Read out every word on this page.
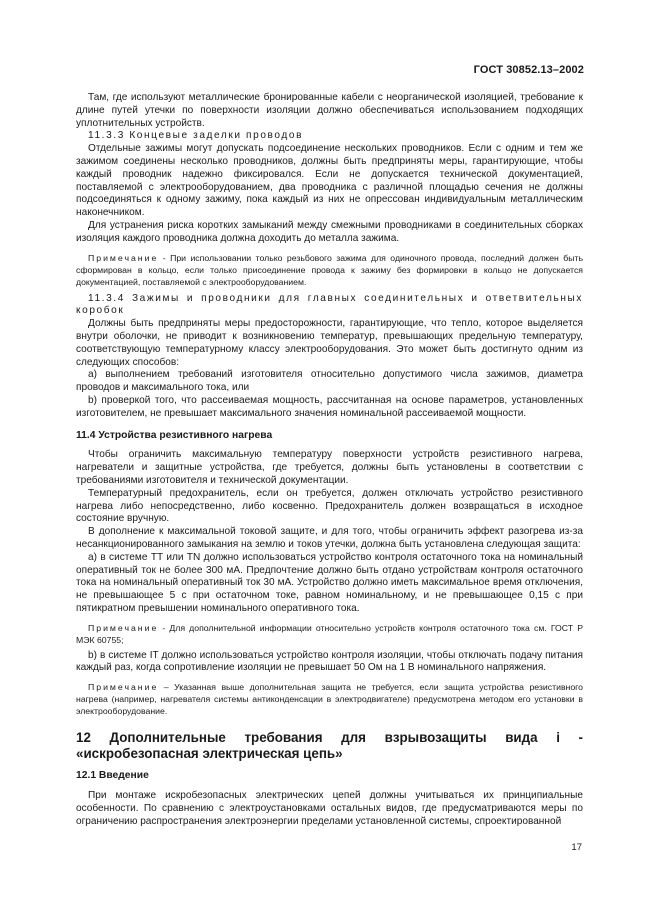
ГОСТ 30852.13–2002

Там, где используют металлические бронированные кабели с неорганической изоляцией, требование к длине путей утечки по поверхности изоляции должно обеспечиваться использованием подходящих уплотнительных устройств.

11.3.3 Концевые заделки проводов

Отдельные зажимы могут допускать подсоединение нескольких проводников. Если с одним и тем же зажимом соединены несколько проводников, должны быть предприняты меры, гарантирующие, чтобы каждый проводник надежно фиксировался. Если не допускается технической документацией, поставляемой с электрооборудованием, два проводника с различной площадью сечения не должны подсоединяться к одному зажиму, пока каждый из них не опрессован индивидуальным металлическим наконечником.

Для устранения риска коротких замыканий между смежными проводниками в соединительных сборках изоляция каждого проводника должна доходить до металла зажима.

Примечание - При использовании только резьбового зажима для одиночного провода, последний должен быть сформирован в кольцо, если только присоединение провода к зажиму без формировки в кольцо не допускается документацией, поставляемой с электрооборудованием.

11.3.4 Зажимы и проводники для главных соединительных и ответвительных коробок

Должны быть предприняты меры предосторожности, гарантирующие, что тепло, которое выделяется внутри оболочки, не приводит к возникновению температур, превышающих предельную температуру, соответствующую температурному классу электрооборудования. Это может быть достигнуто одним из следующих способов:

а) выполнением требований изготовителя относительно допустимого числа зажимов, диаметра проводов и максимального тока, или

b) проверкой того, что рассеиваемая мощность, рассчитанная на основе параметров, установленных изготовителем, не превышает максимального значения номинальной рассеиваемой мощности.

11.4 Устройства резистивного нагрева

Чтобы ограничить максимальную температуру поверхности устройств резистивного нагрева, нагреватели и защитные устройства, где требуется, должны быть установлены в соответствии с требованиями изготовителя и технической документации.

Температурный предохранитель, если он требуется, должен отключать устройство резистивного нагрева либо непосредственно, либо косвенно. Предохранитель должен возвращаться в исходное состояние вручную.

В дополнение к максимальной токовой защите, и для того, чтобы ограничить эффект разогрева из-за несанкционированного замыкания на землю и токов утечки, должна быть установлена следующая защита:

а) в системе TT или TN должно использоваться устройство контроля остаточного тока на номинальный оперативный ток не более 300 мА. Предпочтение должно быть отдано устройствам контроля остаточного тока на номинальный оперативный ток 30 мА. Устройство должно иметь максимальное время отключения, не превышающее 5 с при остаточном токе, равном номинальному, и не превышающее 0,15 с при пятикратном превышении номинального оперативного тока.

Примечание - Для дополнительной информации относительно устройств контроля остаточного тока см. ГОСТ Р МЭК 60755;

b) в системе IT должно использоваться устройство контроля изоляции, чтобы отключать подачу питания каждый раз, когда сопротивление изоляции не превышает 50 Ом на 1 В номинального напряжения.

Примечание – Указанная выше дополнительная защита не требуется, если защита устройства резистивного нагрева (например, нагревателя системы антиконденсации в электродвигателе) предусмотрена методом его установки в электрооборудование.

12 Дополнительные требования для взрывозащиты вида i - «искробезопасная электрическая цепь»

12.1 Введение

При монтаже искробезопасных электрических цепей должны учитываться их принципиальные особенности. По сравнению с электроустановками остальных видов, где предусматриваются меры по ограничению распространения электроэнергии пределами установленной системы, спроектированной

17
